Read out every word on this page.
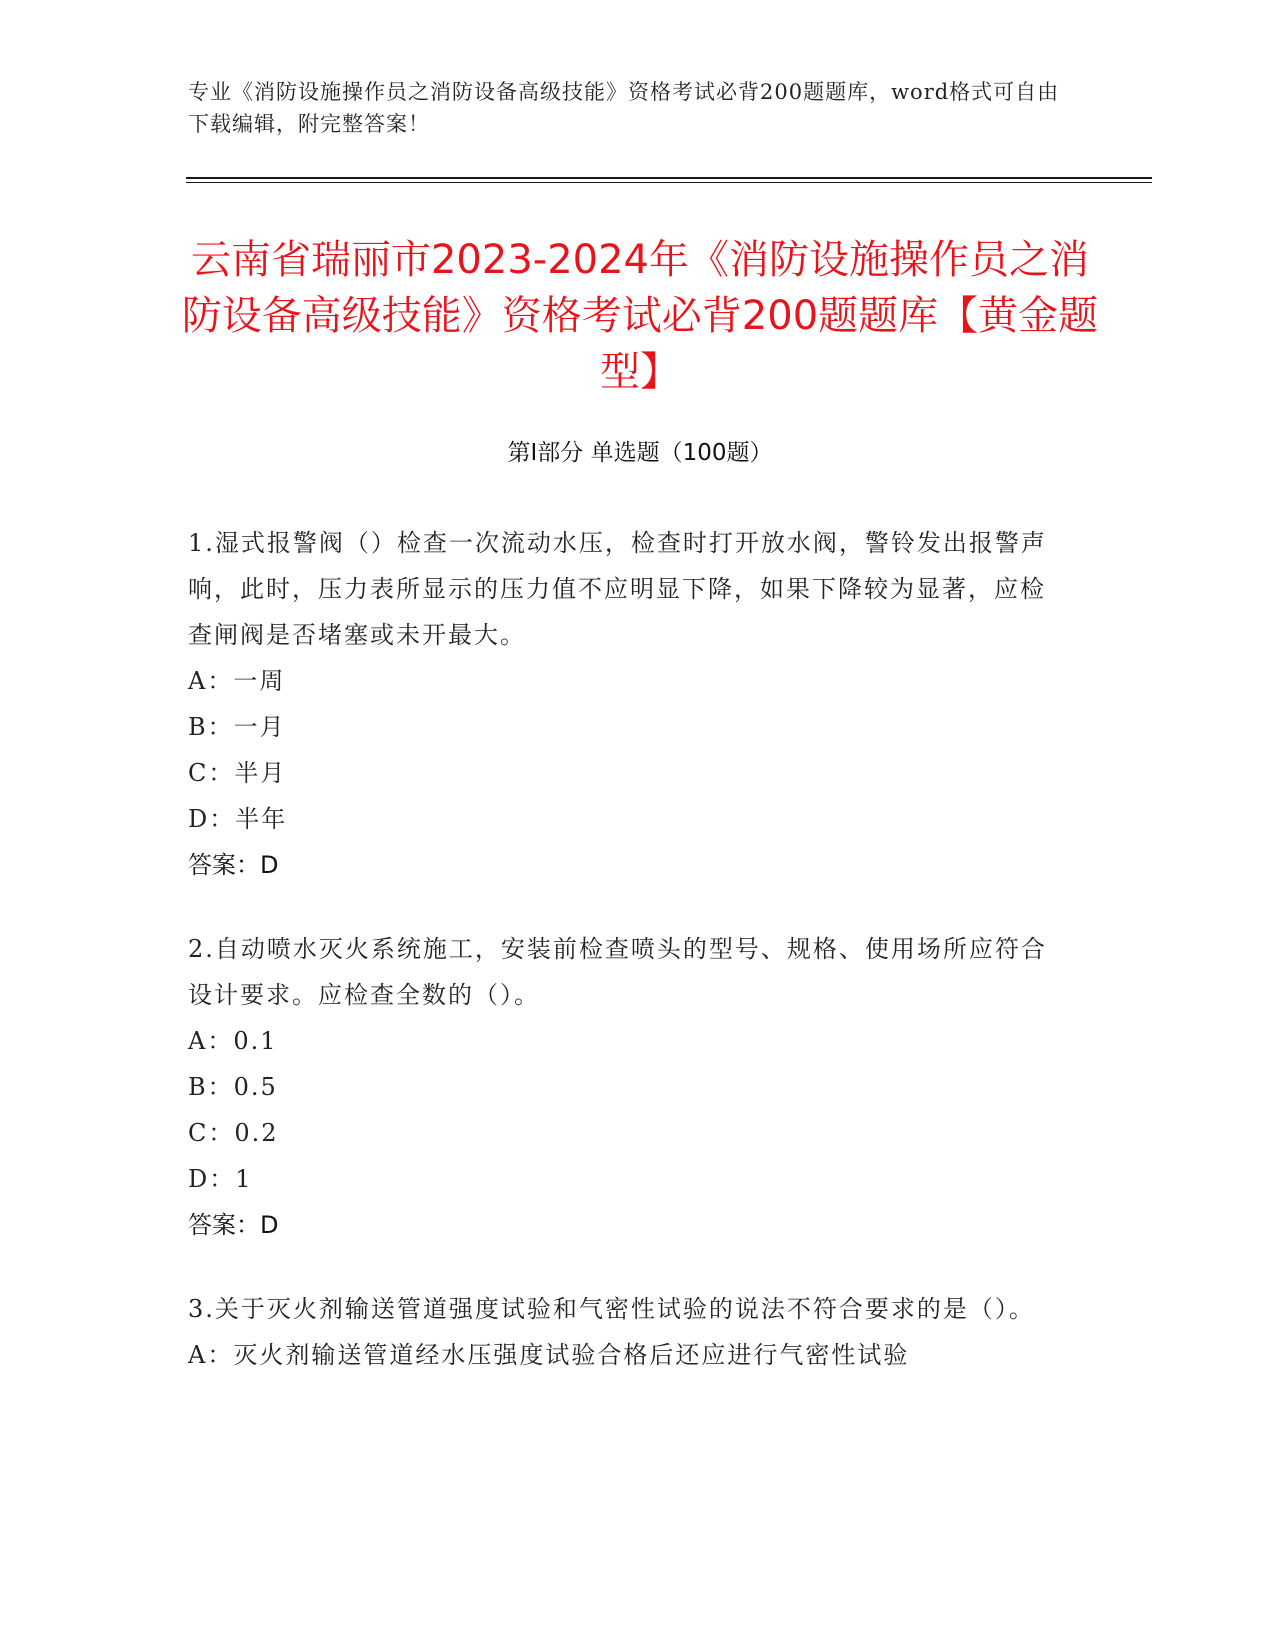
专业《消防设施操作员之消防设备高级技能》资格考试必背200题题库，word格式可自由下载编辑，附完整答案！
云南省瑞丽市2023-2024年《消防设施操作员之消防设备高级技能》资格考试必背200题题库【黄金题型】
第Ⅰ部分 单选题（100题）
1.湿式报警阀（）检查一次流动水压，检查时打开放水阀，警铃发出报警声响，此时，压力表所显示的压力值不应明显下降，如果下降较为显著，应检查闸阀是否堵塞或未开最大。
A：一周
B：一月
C：半月
D：半年
答案：D
2.自动喷水灭火系统施工，安装前检查喷头的型号、规格、使用场所应符合设计要求。应检查全数的（）。
A：0.1
B：0.5
C：0.2
D：1
答案：D
3.关于灭火剂输送管道强度试验和气密性试验的说法不符合要求的是（）。
A：灭火剂输送管道经水压强度试验合格后还应进行气密性试验
